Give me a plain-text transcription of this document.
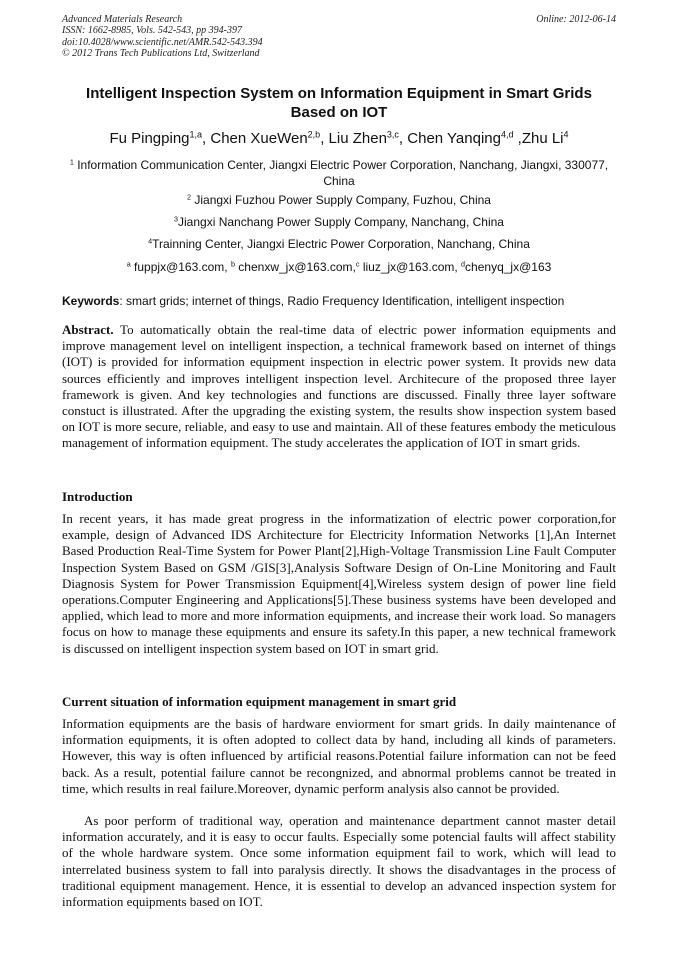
Advanced Materials Research
ISSN: 1662-8985, Vols. 542-543, pp 394-397
doi:10.4028/www.scientific.net/AMR.542-543.394
© 2012 Trans Tech Publications Ltd, Switzerland
Online: 2012-06-14
Intelligent Inspection System on Information Equipment in Smart Grids
Based on IOT
Fu Pingping$^{1,a}$, Chen XueWen$^{2,b}$, Liu Zhen$^{3,c}$, Chen Yanqing$^{4,d}$ ,Zhu Li$^4$
$^1$ Information Communication Center, Jiangxi Electric Power Corporation, Nanchang, Jiangxi, 330077, China
$^2$ Jiangxi Fuzhou Power Supply Company, Fuzhou, China
$^3$Jiangxi Nanchang Power Supply Company, Nanchang, China
$^4$Trainning Center, Jiangxi Electric Power Corporation, Nanchang, China
$^a$ fuppjx@163.com, $^b$ chenxw_jx@163.com,$^c$ liuz_jx@163.com, $^d$chenyq_jx@163
Keywords: smart grids; internet of things, Radio Frequency Identification, intelligent inspection

Abstract. To automatically obtain the real-time data of electric power information equipments and improve management level on intelligent inspection, a technical framework based on internet of things (IOT) is provided for information equipment inspection in electric power system. It provids new data sources efficiently and improves intelligent inspection level. Architecure of the proposed three layer framework is given. And key technologies and functions are discussed. Finally three layer software constuct is illustrated. After the upgrading the existing system, the results show inspection system based on IOT is more secure, reliable, and easy to use and maintain. All of these features embody the meticulous management of information equipment. The study accelerates the application of IOT in smart grids.

Introduction

In recent years, it has made great progress in the informatization of electric power corporation,for example, design of Advanced IDS Architecture for Electricity Information Networks [1],An Internet Based Production Real-Time System for Power Plant[2],High-Voltage Transmission Line Fault Computer Inspection System Based on GSM /GIS[3],Analysis Software Design of On-Line Monitoring and Fault Diagnosis System for Power Transmission Equipment[4],Wireless system design of power line field operations.Computer Engineering and Applications[5].These business systems have been developed and applied, which lead to more and more information equipments, and increase their work load. So managers focus on how to manage these equipments and ensure its safety.In this paper, a new technical framework is discussed on intelligent inspection system based on IOT in smart grid.

Current situation of information equipment management in smart grid

Information equipments are the basis of hardware enviorment for smart grids. In daily maintenance of information equipments, it is often adopted to collect data by hand, including all kinds of parameters. However, this way is often influenced by artificial reasons.Potential failure information can not be feed back. As a result, potential failure cannot be recongnized, and abnormal problems cannot be treated in time, which results in real failure.Moreover, dynamic perform analysis also cannot be provided.

As poor perform of traditional way, operation and maintenance department cannot master detail information accurately, and it is easy to occur faults. Especially some potencial faults will affect stability of the whole hardware system. Once some information equipment fail to work, which will lead to interrelated business system to fall into paralysis directly. It shows the disadvantages in the process of traditional equipment management. Hence, it is essential to develop an advanced inspection system for information equipments based on IOT.
